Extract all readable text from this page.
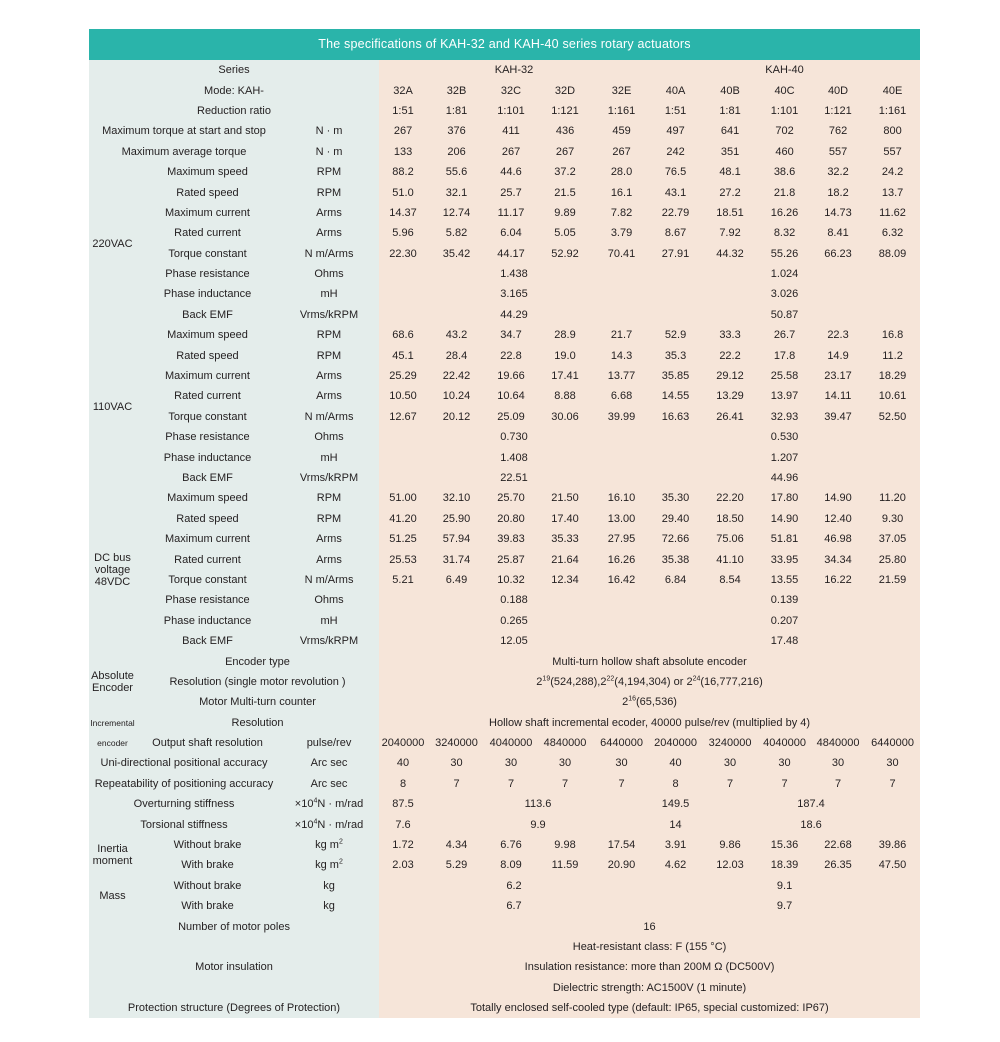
The specifications of KAH-32 and KAH-40 series rotary actuators
Series			KAH-32					KAH-40				
Mode: KAH-			32A	32B	32C	32D	32E	40A	40B	40C	40D	40E
Reduction ratio			1:51	1:81	1:101	1:121	1:161	1:51	1:81	1:101	1:121	1:161
Maximum torque at start and stop		N · m	267	376	411	436	459	497	641	702	762	800
Maximum average torque		N · m	133	206	267	267	267	242	351	460	557	557
220VAC	Maximum speed	RPM	88.2	55.6	44.6	37.2	28.0	76.5	48.1	38.6	32.2	24.2
	Rated speed	RPM	51.0	32.1	25.7	21.5	16.1	43.1	27.2	21.8	18.2	13.7
	Maximum current	Arms	14.37	12.74	11.17	9.89	7.82	22.79	18.51	16.26	14.73	11.62
	Rated current	Arms	5.96	5.82	6.04	5.05	3.79	8.67	7.92	8.32	8.41	6.32
	Torque constant	N m/Arms	22.30	35.42	44.17	52.92	70.41	27.91	44.32	55.26	66.23	88.09
	Phase resistance	Ohms	1.438					1.024				
	Phase inductance	mH	3.165					3.026				
	Back EMF	Vrms/kRPM	44.29					50.87				
110VAC	Maximum speed	RPM	68.6	43.2	34.7	28.9	21.7	52.9	33.3	26.7	22.3	16.8
	Rated speed	RPM	45.1	28.4	22.8	19.0	14.3	35.3	22.2	17.8	14.9	11.2
	Maximum current	Arms	25.29	22.42	19.66	17.41	13.77	35.85	29.12	25.58	23.17	18.29
	Rated current	Arms	10.50	10.24	10.64	8.88	6.68	14.55	13.29	13.97	14.11	10.61
	Torque constant	N m/Arms	12.67	20.12	25.09	30.06	39.99	16.63	26.41	32.93	39.47	52.50
	Phase resistance	Ohms	0.730					0.530				
	Phase inductance	mH	1.408					1.207				
	Back EMF	Vrms/kRPM	22.51					44.96				
DC bus
voltage
48VDC	Maximum speed	RPM	51.00	32.10	25.70	21.50	16.10	35.30	22.20	17.80	14.90	11.20
	Rated speed	RPM	41.20	25.90	20.80	17.40	13.00	29.40	18.50	14.90	12.40	9.30
	Maximum current	Arms	51.25	57.94	39.83	35.33	27.95	72.66	75.06	51.81	46.98	37.05
	Rated current	Arms	25.53	31.74	25.87	21.64	16.26	35.38	41.10	33.95	34.34	25.80
	Torque constant	N m/Arms	5.21	6.49	10.32	12.34	16.42	6.84	8.54	13.55	16.22	21.59
	Phase resistance	Ohms	0.188					0.139				
	Phase inductance	mH	0.265					0.207				
	Back EMF	Vrms/kRPM	12.05					17.48				
Absolute
Encoder	Encoder type		Multi-turn hollow shaft absolute encoder									
	Resolution (single motor revolution )		$2^{19}(524,288),2^{22}(4,194,304)$ or $2^{24}(16,777,216)$									
	Motor Multi-turn counter		$2^{16}(65,536)$									
Incremental	Resolution		Hollow shaft incremental ecoder, 40000 pulse/rev (multiplied by 4)									
encoder	Output shaft resolution	pulse/rev	2040000	3240000	4040000	4840000	6440000	2040000	3240000	4040000	4840000	6440000
Uni-directional positional accuracy		Arc sec	40	30	30	30	30	40	30	30	30	30
Repeatability of positioning accuracy		Arc sec	8	7	7	7	7	8	7	7	7	7
Overturning stiffness		$\times 10^4N \cdot m/rad$	87.5	113.6				149.5	187.4			
Torsional stiffness		$\times 10^4N \cdot m/rad$	7.6	9.9				14	18.6			
Inertia
moment	Without brake	kg $m^2$	1.72	4.34	6.76	9.98	17.54	3.91	9.86	15.36	22.68	39.86
	With brake	kg $m^2$	2.03	5.29	8.09	11.59	20.90	4.62	12.03	18.39	26.35	47.50
Mass	Without brake	kg	6.2					9.1				
	With brake	kg	6.7					9.7				
Number of motor poles			16									
Motor insulation			Heat-resistant class: F (155 °C)									
			Insulation resistance: more than 200M Ω (DC500V)									
			Dielectric strength: AC1500V (1 minute)									
Protection structure (Degrees of Protection)			Totally enclosed self-cooled type (default: IP65, special customized: IP67)									
